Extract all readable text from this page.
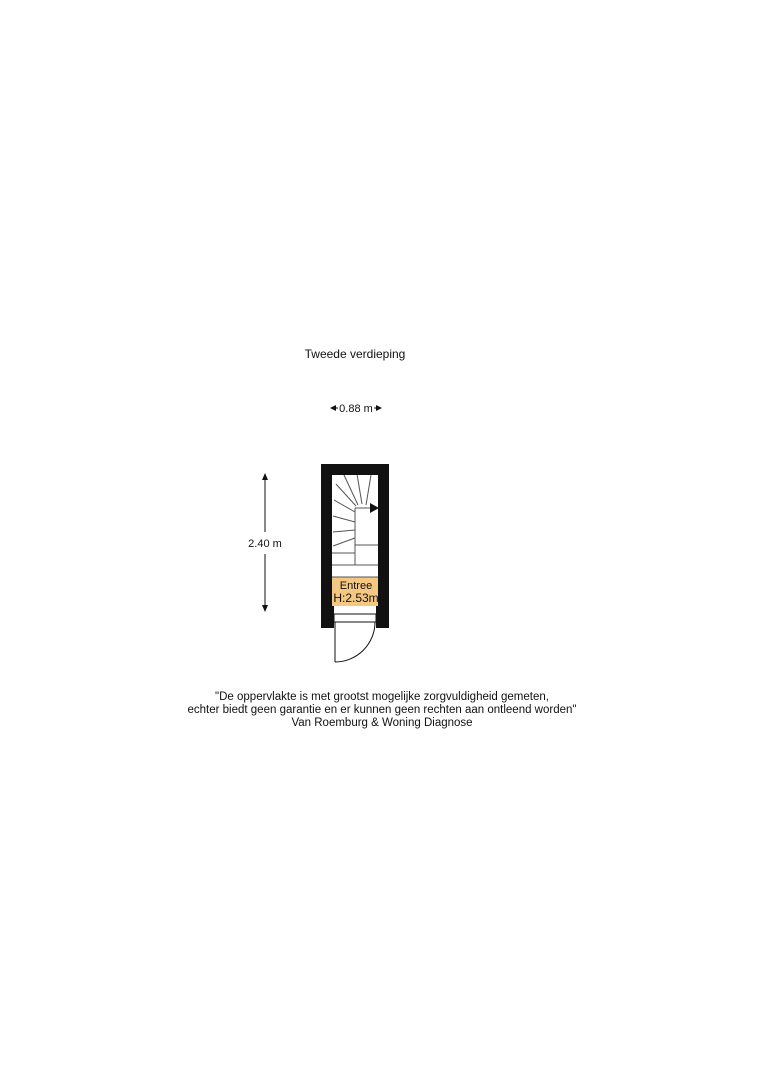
Tweede verdieping
0.88 m
2.40 m
Entree
H:2.53m
"De oppervlakte is met grootst mogelijke zorgvuldigheid gemeten,
echter biedt geen garantie en er kunnen geen rechten aan ontleend worden"
Van Roemburg & Woning Diagnose
